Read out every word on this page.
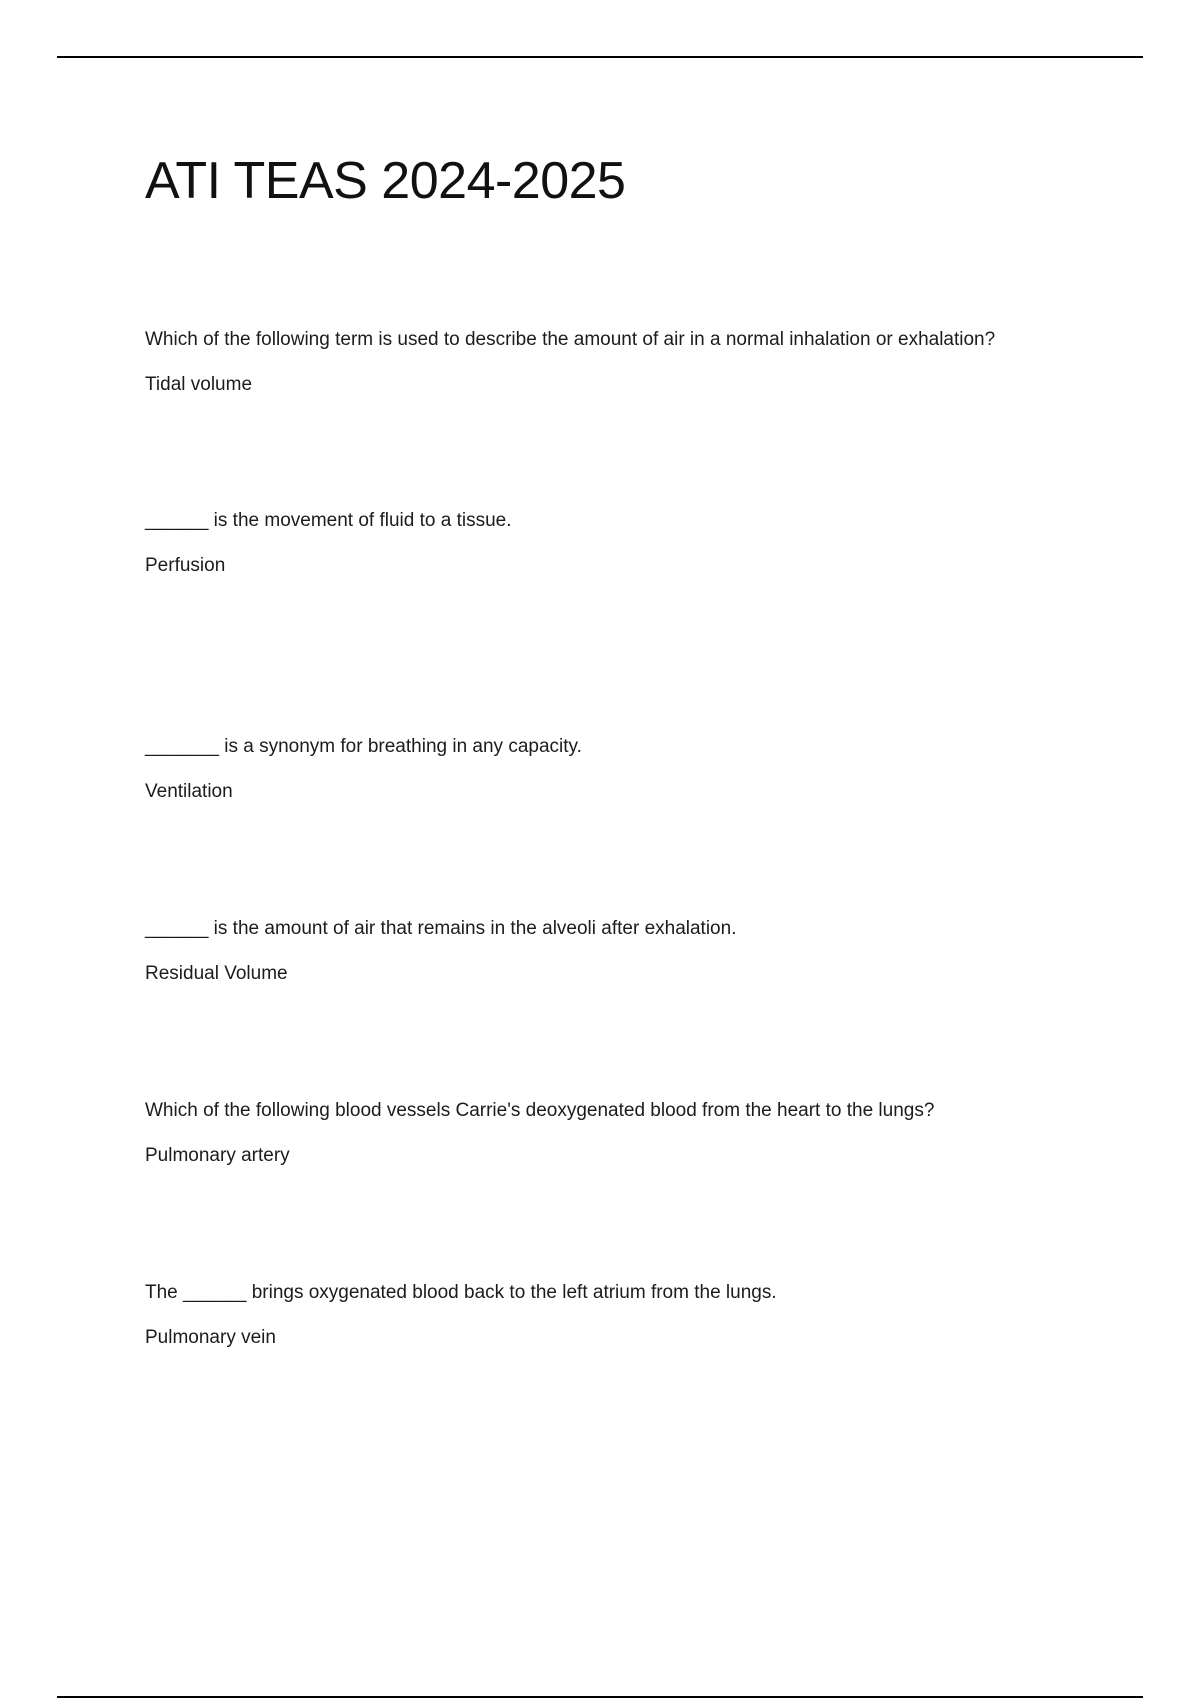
ATI TEAS 2024-2025

Which of the following term is used to describe the amount of air in a normal inhalation or exhalation?

Tidal volume

______ is the movement of fluid to a tissue.

Perfusion

_______ is a synonym for breathing in any capacity.

Ventilation

______ is the amount of air that remains in the alveoli after exhalation.

Residual Volume

Which of the following blood vessels Carrie's deoxygenated blood from the heart to the lungs?

Pulmonary artery

The ______ brings oxygenated blood back to the left atrium from the lungs.

Pulmonary vein
